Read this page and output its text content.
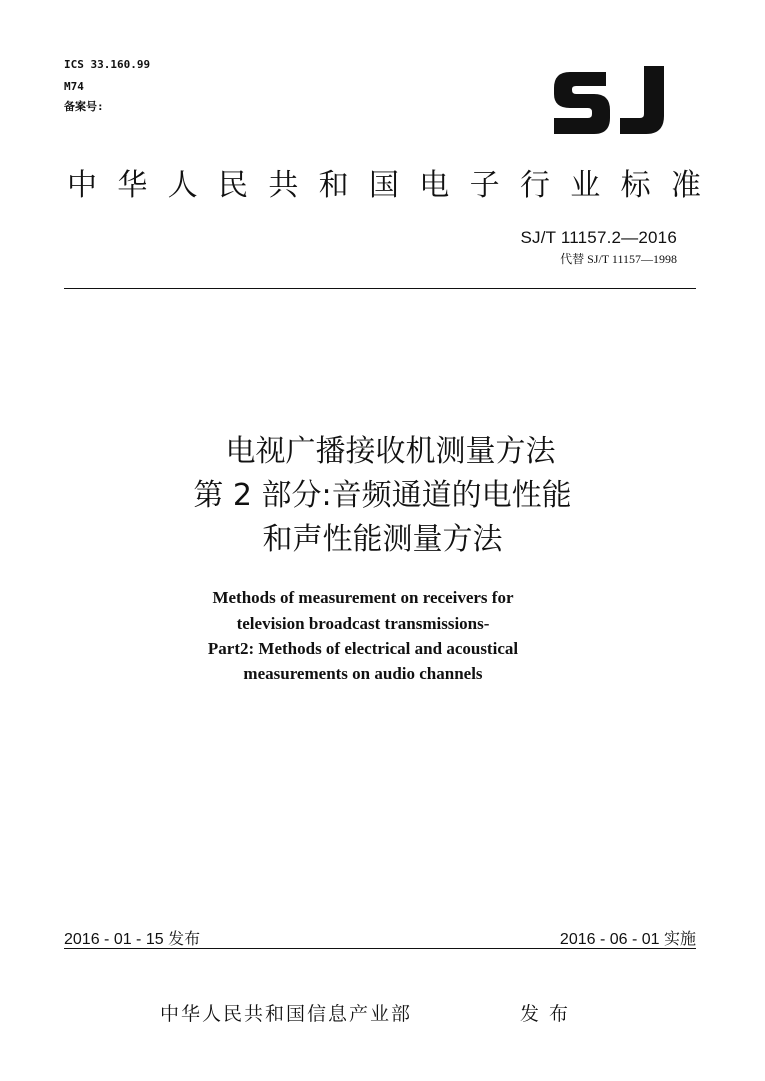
ICS 33.160.99
M74
备案号:
中 华 人 民 共 和 国 电 子 行 业 标 准
SJ/T 11157.2—2016
代替 SJ/T 11157—1998
电视广播接收机测量方法
第 2 部分:音频通道的电性能
和声性能测量方法
Methods of measurement on receivers for
television broadcast transmissions-
Part2: Methods of electrical and acoustical
measurements on audio channels
2016 - 01 - 15 发布	2016 - 06 - 01 实施
中华人民共和国信息产业部	发布
